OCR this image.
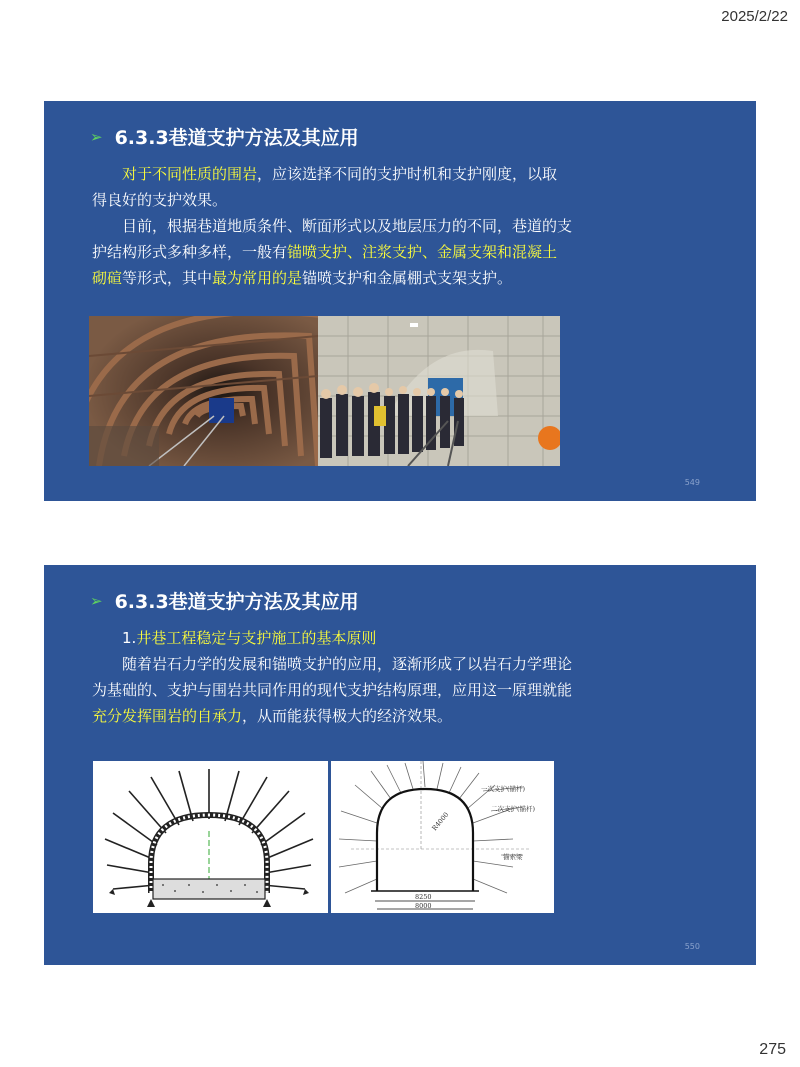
2025/2/22
➢ 6.3.3巷道支护方法及其应用

对于不同性质的围岩，应该选择不同的支护时机和支护刚度，以取得良好的支护效果。

目前，根据巷道地质条件、断面形式以及地层压力的不同，巷道的支护结构形式多种多样，一般有锚喷支护、注浆支护、金属支架和混凝土砌碹等形式，其中最为常用的是锚喷支护和金属棚式支架支护。

549
➢ 6.3.3巷道支护方法及其应用

1.井巷工程稳定与支护施工的基本原则

随着岩石力学的发展和锚喷支护的应用，逐渐形成了以岩石力学理论为基础的、支护与围岩共同作用的现代支护结构原理，应用这一原理就能充分发挥围岩的自承力，从而能获得极大的经济效果。

一次支护(锚杆)
二次支护(锚杆)
锚索梁
R4000
8250
8000
550
275
